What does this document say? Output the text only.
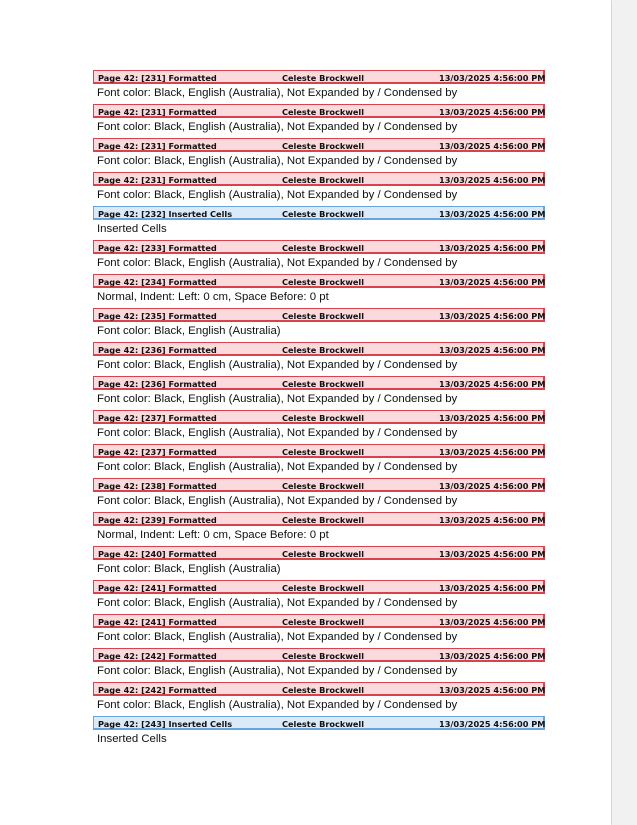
Page 42: [231] Formatted	Celeste Brockwell	13/03/2025 4:56:00 PM
Font color: Black, English (Australia), Not Expanded by / Condensed by
Page 42: [231] Formatted	Celeste Brockwell	13/03/2025 4:56:00 PM
Font color: Black, English (Australia), Not Expanded by / Condensed by
Page 42: [231] Formatted	Celeste Brockwell	13/03/2025 4:56:00 PM
Font color: Black, English (Australia), Not Expanded by / Condensed by
Page 42: [231] Formatted	Celeste Brockwell	13/03/2025 4:56:00 PM
Font color: Black, English (Australia), Not Expanded by / Condensed by
Page 42: [232] Inserted Cells	Celeste Brockwell	13/03/2025 4:56:00 PM
Inserted Cells
Page 42: [233] Formatted	Celeste Brockwell	13/03/2025 4:56:00 PM
Font color: Black, English (Australia), Not Expanded by / Condensed by
Page 42: [234] Formatted	Celeste Brockwell	13/03/2025 4:56:00 PM
Normal, Indent: Left: 0 cm, Space Before: 0 pt
Page 42: [235] Formatted	Celeste Brockwell	13/03/2025 4:56:00 PM
Font color: Black, English (Australia)
Page 42: [236] Formatted	Celeste Brockwell	13/03/2025 4:56:00 PM
Font color: Black, English (Australia), Not Expanded by / Condensed by
Page 42: [236] Formatted	Celeste Brockwell	13/03/2025 4:56:00 PM
Font color: Black, English (Australia), Not Expanded by / Condensed by
Page 42: [237] Formatted	Celeste Brockwell	13/03/2025 4:56:00 PM
Font color: Black, English (Australia), Not Expanded by / Condensed by
Page 42: [237] Formatted	Celeste Brockwell	13/03/2025 4:56:00 PM
Font color: Black, English (Australia), Not Expanded by / Condensed by
Page 42: [238] Formatted	Celeste Brockwell	13/03/2025 4:56:00 PM
Font color: Black, English (Australia), Not Expanded by / Condensed by
Page 42: [239] Formatted	Celeste Brockwell	13/03/2025 4:56:00 PM
Normal, Indent: Left: 0 cm, Space Before: 0 pt
Page 42: [240] Formatted	Celeste Brockwell	13/03/2025 4:56:00 PM
Font color: Black, English (Australia)
Page 42: [241] Formatted	Celeste Brockwell	13/03/2025 4:56:00 PM
Font color: Black, English (Australia), Not Expanded by / Condensed by
Page 42: [241] Formatted	Celeste Brockwell	13/03/2025 4:56:00 PM
Font color: Black, English (Australia), Not Expanded by / Condensed by
Page 42: [242] Formatted	Celeste Brockwell	13/03/2025 4:56:00 PM
Font color: Black, English (Australia), Not Expanded by / Condensed by
Page 42: [242] Formatted	Celeste Brockwell	13/03/2025 4:56:00 PM
Font color: Black, English (Australia), Not Expanded by / Condensed by
Page 42: [243] Inserted Cells	Celeste Brockwell	13/03/2025 4:56:00 PM
Inserted Cells
